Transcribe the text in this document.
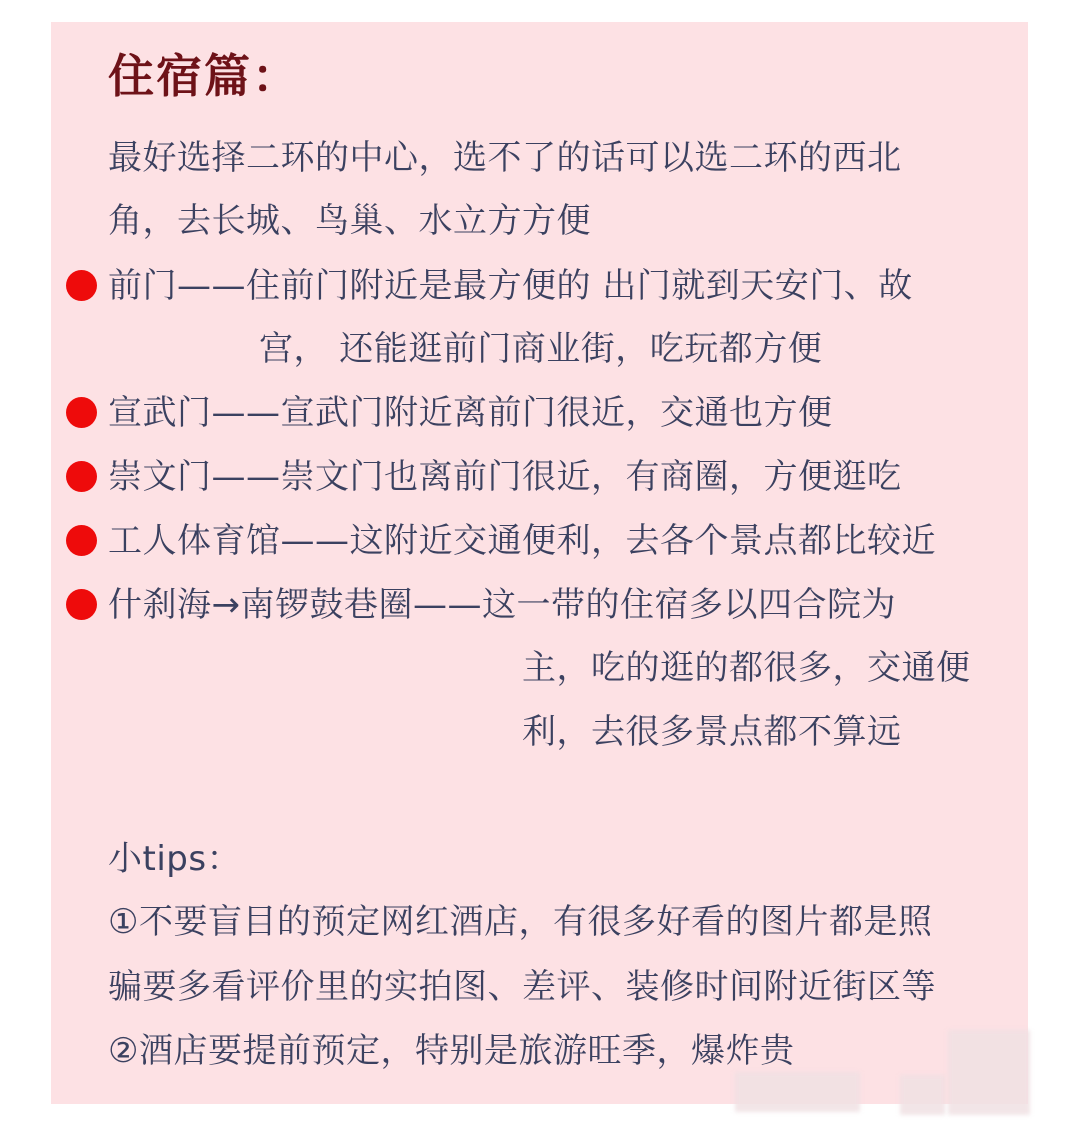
住宿篇：
最好选择二环的中心，选不了的话可以选二环的西北
角，去长城、鸟巢、水立方方便
前门——住前门附近是最方便的 出门就到天安门、故
宫， 还能逛前门商业街，吃玩都方便
宣武门——宣武门附近离前门很近，交通也方便
崇文门——崇文门也离前门很近，有商圈，方便逛吃
工人体育馆——这附近交通便利，去各个景点都比较近
什刹海→南锣鼓巷圈——这一带的住宿多以四合院为
主，吃的逛的都很多，交通便
利，去很多景点都不算远
小tips：
①不要盲目的预定网红酒店，有很多好看的图片都是照
骗要多看评价里的实拍图、差评、装修时间附近街区等
②酒店要提前预定，特别是旅游旺季，爆炸贵
